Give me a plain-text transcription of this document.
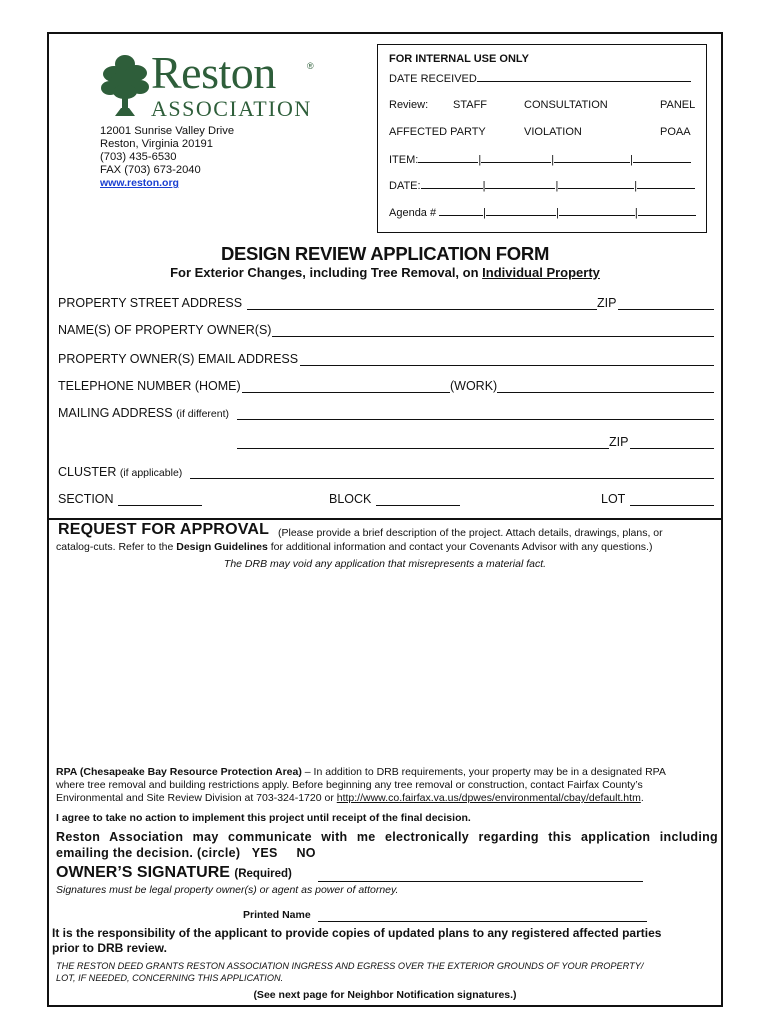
Reston	®
ASSOCIATION
12001 Sunrise Valley Drive
Reston, Virginia 20191
(703) 435-6530
FAX (703) 673-2040
www.reston.org
FOR INTERNAL USE ONLY
DATE RECEIVED
Review: STAFF	CONSULTATION	PANEL
AFFECTED PARTY	VIOLATION	POAA
ITEM:	|	|	|
DATE:	|	|	|
Agenda #	|	|	|
DESIGN REVIEW APPLICATION FORM
For Exterior Changes, including Tree Removal, on Individual Property
PROPERTY STREET ADDRESS	ZIP
NAME(S) OF PROPERTY OWNER(S)
PROPERTY OWNER(S) EMAIL ADDRESS
TELEPHONE NUMBER (HOME)	(WORK)
MAILING ADDRESS (if different)
ZIP
CLUSTER (if applicable)
SECTION	BLOCK	LOT
REQUEST FOR APPROVAL (Please provide a brief description of the project. Attach details, drawings, plans, or
catalog-cuts. Refer to the Design Guidelines for additional information and contact your Covenants Advisor with any questions.)
The DRB may void any application that misrepresents a material fact.
RPA (Chesapeake Bay Resource Protection Area) – In addition to DRB requirements, your property may be in a designated RPA
where tree removal and building restrictions apply. Before beginning any tree removal or construction, contact Fairfax County’s
Environmental and Site Review Division at 703-324-1720 or http://www.co.fairfax.va.us/dpwes/environmental/cbay/default.htm.
I agree to take no action to implement this project until receipt of the final decision.
Reston Association may communicate with me electronically regarding this application including
emailing the decision. (circle) YES NO
OWNER’S SIGNATURE (Required)
Signatures must be legal property owner(s) or agent as power of attorney.
Printed Name
It is the responsibility of the applicant to provide copies of updated plans to any registered affected parties
prior to DRB review.
THE RESTON DEED GRANTS RESTON ASSOCIATION INGRESS AND EGRESS OVER THE EXTERIOR GROUNDS OF YOUR PROPERTY/
LOT, IF NEEDED, CONCERNING THIS APPLICATION.
(See next page for Neighbor Notification signatures.)
